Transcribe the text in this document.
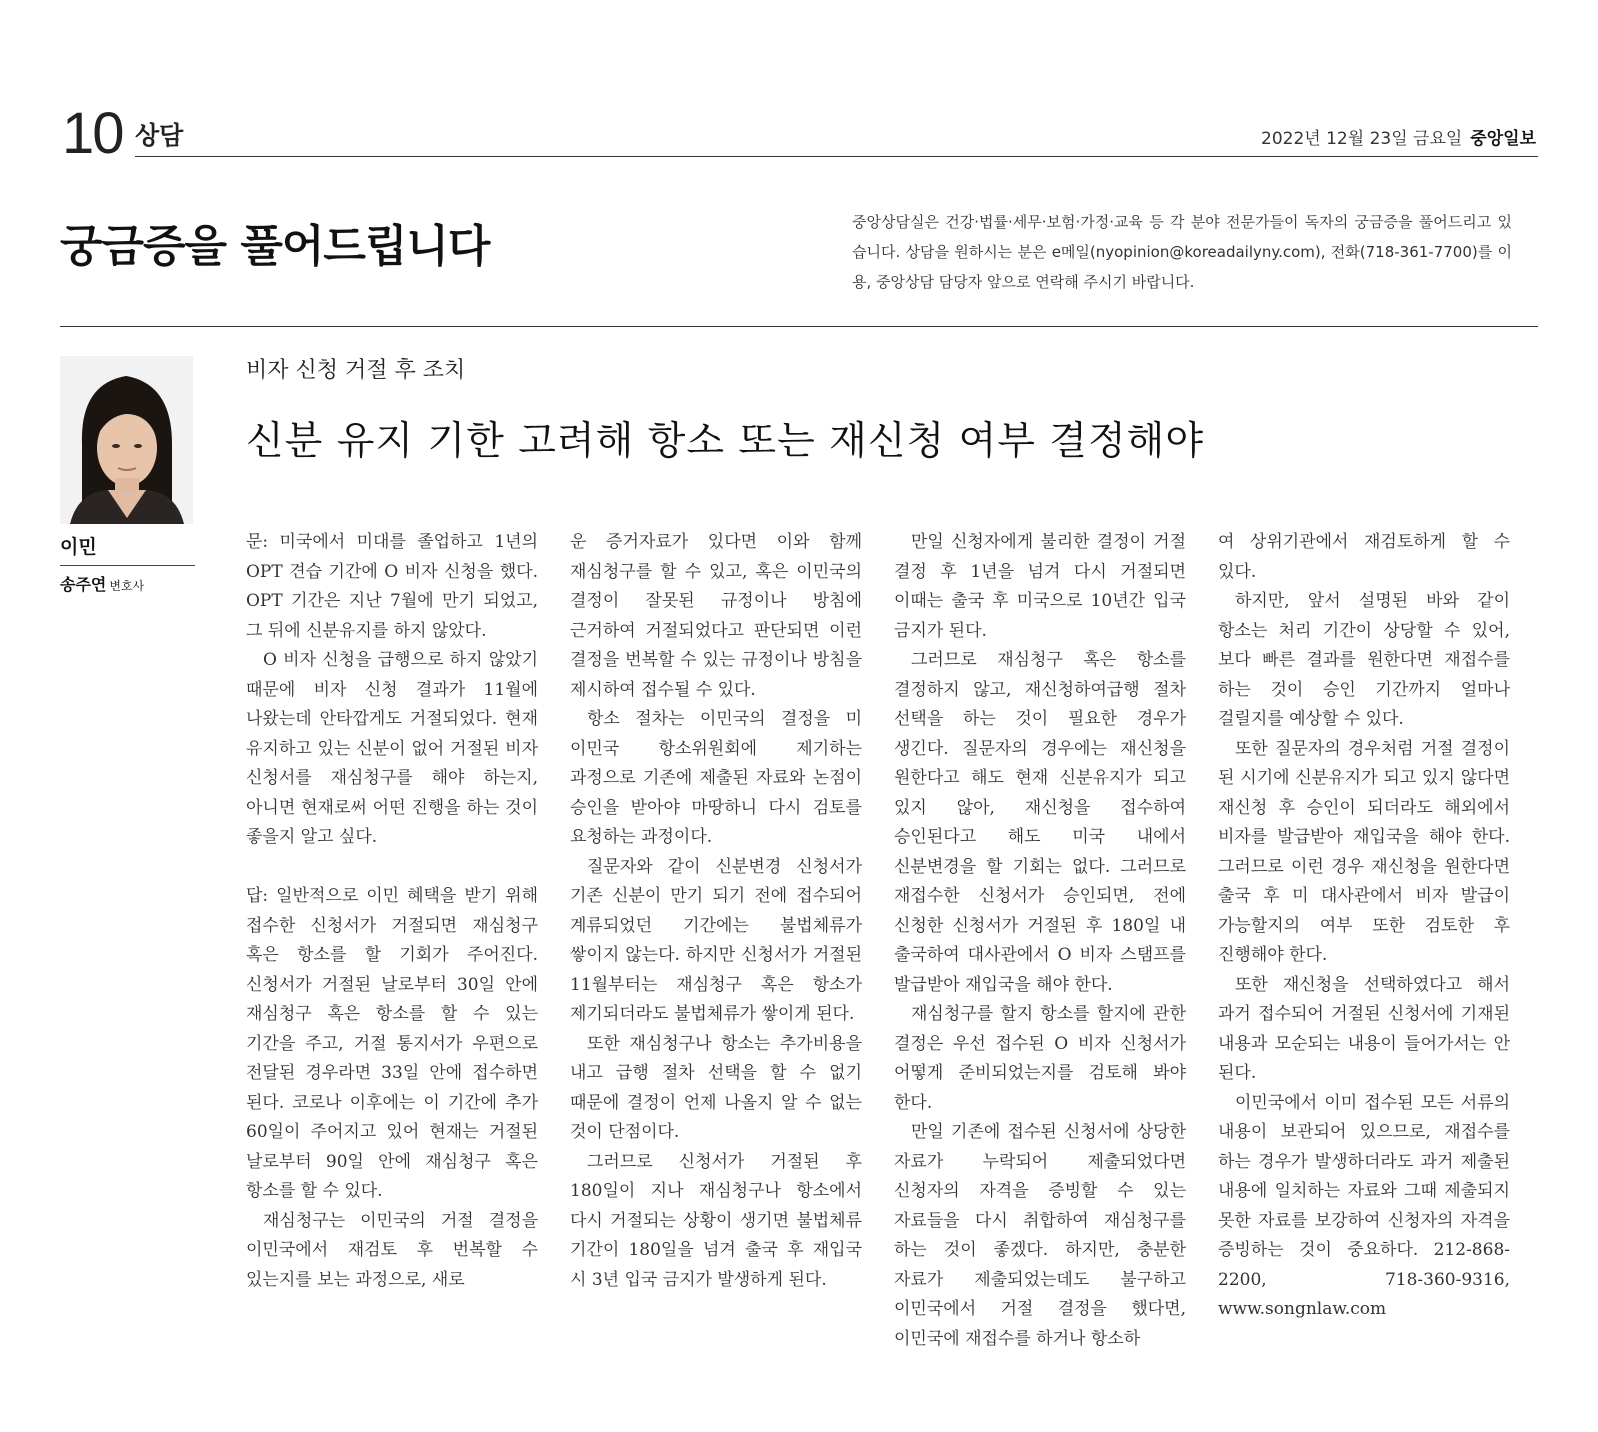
10 상담	2022년 12월 23일 금요일 중앙일보
궁금증을 풀어드립니다	중앙상담실은 건강·법률·세무·보험·가정·교육 등 각 분야 전문가들이 독자의 궁금증을 풀어드리고 있습니다. 상담을 원하시는 분은 e메일(nyopinion@koreadailyny.com), 전화(718-361-7700)를 이용, 중앙상담 담당자 앞으로 연락해 주시기 바랍니다.
이민
송주연 변호사
비자 신청 거절 후 조치
신분 유지 기한 고려해 항소 또는 재신청 여부 결정해야

문: 미국에서 미대를 졸업하고 1년의 OPT 견습 기간에 O 비자 신청을 했다. OPT 기간은 지난 7월에 만기 되었고, 그 뒤에 신분유지를 하지 않았다.

O 비자 신청을 급행으로 하지 않았기 때문에 비자 신청 결과가 11월에 나왔는데 안타깝게도 거절되었다. 현재 유지하고 있는 신분이 없어 거절된 비자 신청서를 재심청구를 해야 하는지, 아니면 현재로써 어떤 진행을 하는 것이 좋을지 알고 싶다.

답: 일반적으로 이민 혜택을 받기 위해 접수한 신청서가 거절되면 재심청구 혹은 항소를 할 기회가 주어진다. 신청서가 거절된 날로부터 30일 안에 재심청구 혹은 항소를 할 수 있는 기간을 주고, 거절 통지서가 우편으로 전달된 경우라면 33일 안에 접수하면 된다. 코로나 이후에는 이 기간에 추가 60일이 주어지고 있어 현재는 거절된 날로부터 90일 안에 재심청구 혹은 항소를 할 수 있다.

재심청구는 이민국의 거절 결정을 이민국에서 재검토 후 번복할 수 있는지를 보는 과정으로, 새로

운 증거자료가 있다면 이와 함께 재심청구를 할 수 있고, 혹은 이민국의 결정이 잘못된 규정이나 방침에 근거하여 거절되었다고 판단되면 이런 결정을 번복할 수 있는 규정이나 방침을 제시하여 접수될 수 있다.

항소 절차는 이민국의 결정을 미 이민국 항소위원회에 제기하는 과정으로 기존에 제출된 자료와 논점이 승인을 받아야 마땅하니 다시 검토를 요청하는 과정이다.

질문자와 같이 신분변경 신청서가 기존 신분이 만기 되기 전에 접수되어 계류되었던 기간에는 불법체류가 쌓이지 않는다. 하지만 신청서가 거절된 11월부터는 재심청구 혹은 항소가 제기되더라도 불법체류가 쌓이게 된다.

또한 재심청구나 항소는 추가비용을 내고 급행 절차 선택을 할 수 없기 때문에 결정이 언제 나올지 알 수 없는 것이 단점이다.

그러므로 신청서가 거절된 후 180일이 지나 재심청구나 항소에서 다시 거절되는 상황이 생기면 불법체류 기간이 180일을 넘겨 출국 후 재입국 시 3년 입국 금지가 발생하게 된다.

만일 신청자에게 불리한 결정이 거절 결정 후 1년을 넘겨 다시 거절되면 이때는 출국 후 미국으로 10년간 입국 금지가 된다.

그러므로 재심청구 혹은 항소를 결정하지 않고, 재신청하여급행 절차 선택을 하는 것이 필요한 경우가 생긴다. 질문자의 경우에는 재신청을 원한다고 해도 현재 신분유지가 되고 있지 않아, 재신청을 접수하여 승인된다고 해도 미국 내에서 신분변경을 할 기회는 없다. 그러므로 재접수한 신청서가 승인되면, 전에 신청한 신청서가 거절된 후 180일 내 출국하여 대사관에서 O 비자 스탬프를 발급받아 재입국을 해야 한다.

재심청구를 할지 항소를 할지에 관한 결정은 우선 접수된 O 비자 신청서가 어떻게 준비되었는지를 검토해 봐야 한다.

만일 기존에 접수된 신청서에 상당한 자료가 누락되어 제출되었다면 신청자의 자격을 증빙할 수 있는 자료들을 다시 취합하여 재심청구를 하는 것이 좋겠다. 하지만, 충분한 자료가 제출되었는데도 불구하고 이민국에서 거절 결정을 했다면, 이민국에 재접수를 하거나 항소하

여 상위기관에서 재검토하게 할 수 있다.

하지만, 앞서 설명된 바와 같이 항소는 처리 기간이 상당할 수 있어, 보다 빠른 결과를 원한다면 재접수를 하는 것이 승인 기간까지 얼마나 걸릴지를 예상할 수 있다.

또한 질문자의 경우처럼 거절 결정이 된 시기에 신분유지가 되고 있지 않다면 재신청 후 승인이 되더라도 해외에서 비자를 발급받아 재입국을 해야 한다. 그러므로 이런 경우 재신청을 원한다면 출국 후 미 대사관에서 비자 발급이 가능할지의 여부 또한 검토한 후 진행해야 한다.

또한 재신청을 선택하였다고 해서 과거 접수되어 거절된 신청서에 기재된 내용과 모순되는 내용이 들어가서는 안 된다.

이민국에서 이미 접수된 모든 서류의 내용이 보관되어 있으므로, 재접수를 하는 경우가 발생하더라도 과거 제출된 내용에 일치하는 자료와 그때 제출되지 못한 자료를 보강하여 신청자의 자격을 증빙하는 것이 중요하다. 212-868-2200, 718-360-9316, www.songnlaw.com
